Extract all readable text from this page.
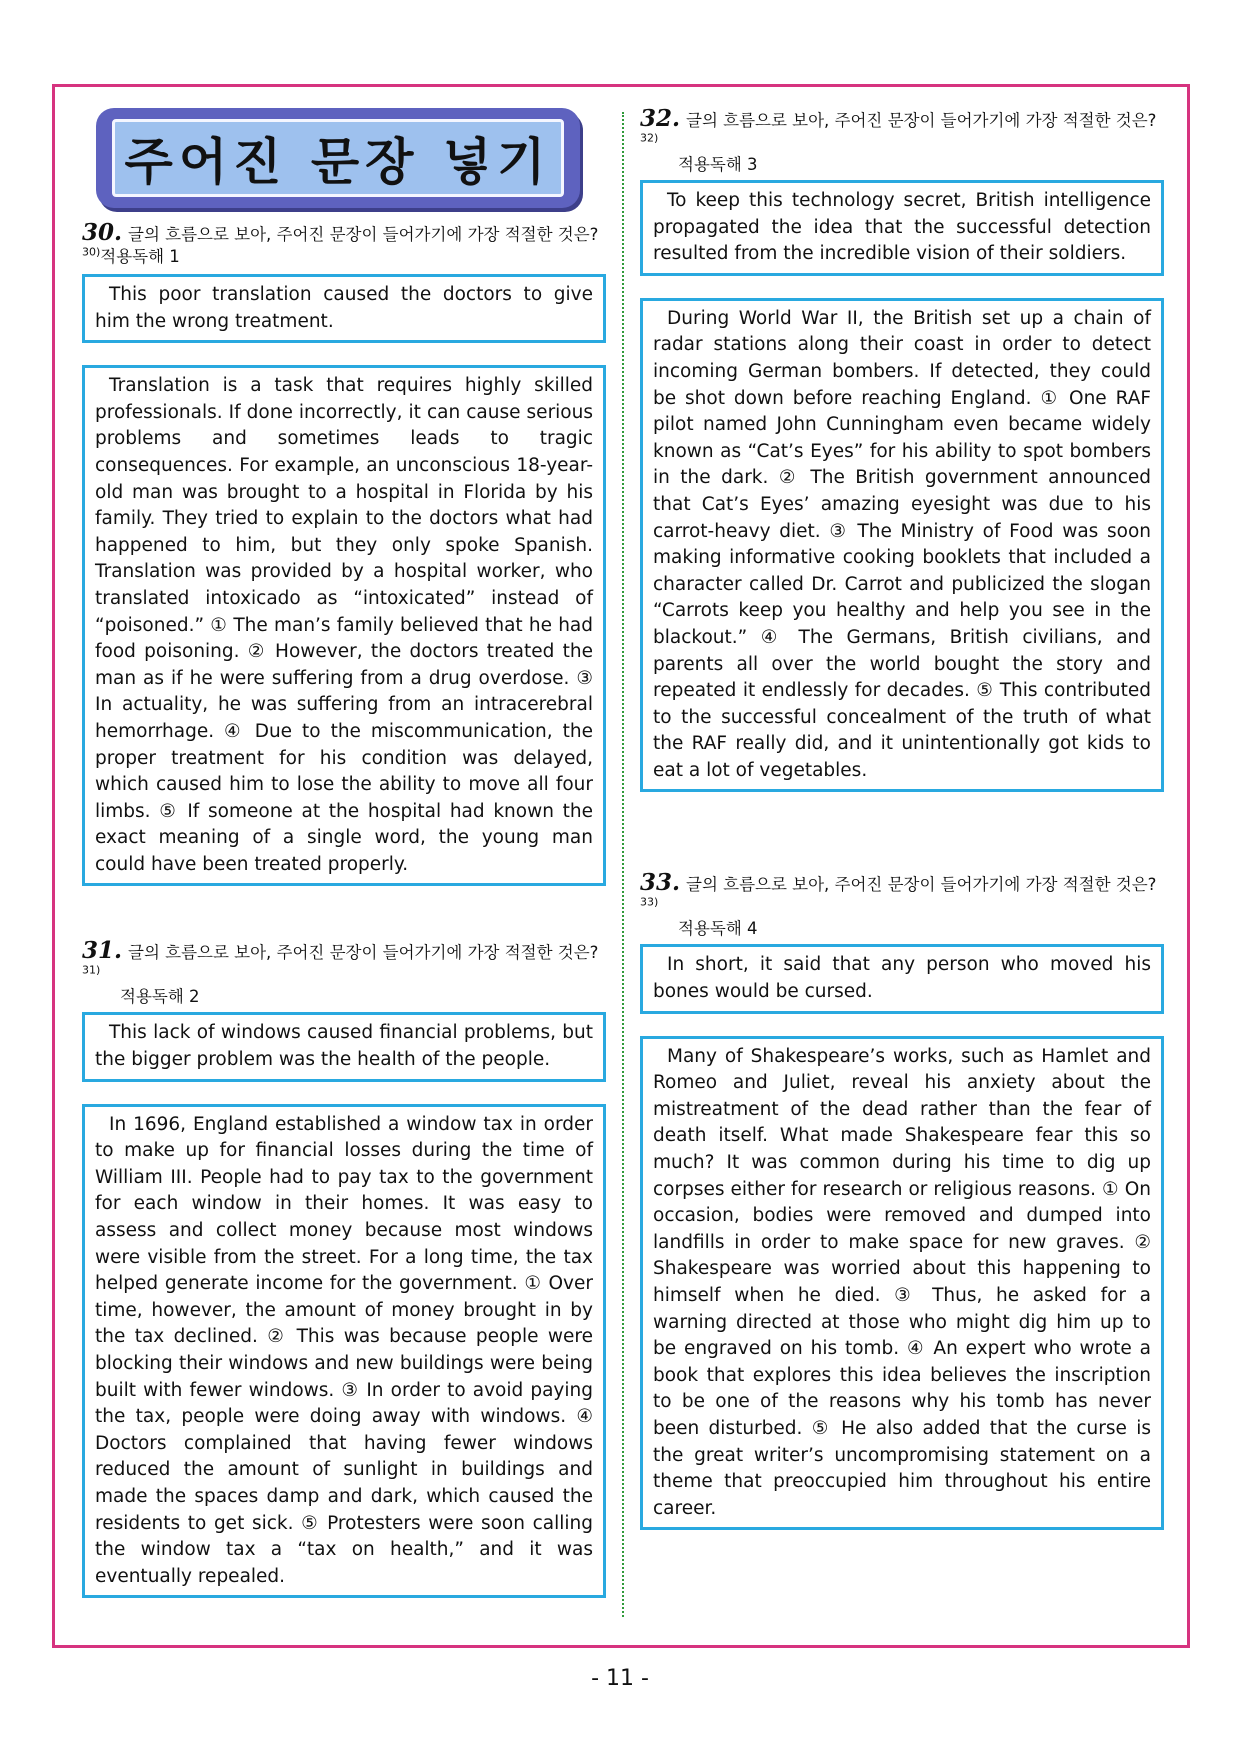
주어진 문장 넣기
30. 글의 흐름으로 보아, 주어진 문장이 들어가기에 가장 적절한 것은?$^{30)}$적용독해 1
This poor translation caused the doctors to give him the wrong treatment.
Translation is a task that requires highly skilled professionals. If done incorrectly, it can cause serious problems and sometimes leads to tragic consequences. For example, an unconscious 18-year-old man was brought to a hospital in Florida by his family. They tried to explain to the doctors what had happened to him, but they only spoke Spanish. Translation was provided by a hospital worker, who translated intoxicado as “intoxicated” instead of “poisoned.” ① The man’s family believed that he had food poisoning. ② However, the doctors treated the man as if he were suffering from a drug overdose. ③ In actuality, he was suffering from an intracerebral hemorrhage. ④ Due to the miscommunication, the proper treatment for his condition was delayed, which caused him to lose the ability to move all four limbs. ⑤ If someone at the hospital had known the exact meaning of a single word, the young man could have been treated properly.
31. 글의 흐름으로 보아, 주어진 문장이 들어가기에 가장 적절한 것은?$^{31)}$
적용독해 2
This lack of windows caused financial problems, but the bigger problem was the health of the people.
In 1696, England established a window tax in order to make up for financial losses during the time of William III. People had to pay tax to the government for each window in their homes. It was easy to assess and collect money because most windows were visible from the street. For a long time, the tax helped generate income for the government. ① Over time, however, the amount of money brought in by the tax declined. ② This was because people were blocking their windows and new buildings were being built with fewer windows. ③ In order to avoid paying the tax, people were doing away with windows. ④ Doctors complained that having fewer windows reduced the amount of sunlight in buildings and made the spaces damp and dark, which caused the residents to get sick. ⑤ Protesters were soon calling the window tax a “tax on health,” and it was eventually repealed.
32. 글의 흐름으로 보아, 주어진 문장이 들어가기에 가장 적절한 것은?$^{32)}$
적용독해 3
To keep this technology secret, British intelligence propagated the idea that the successful detection resulted from the incredible vision of their soldiers.
During World War II, the British set up a chain of radar stations along their coast in order to detect incoming German bombers. If detected, they could be shot down before reaching England. ① One RAF pilot named John Cunningham even became widely known as “Cat’s Eyes” for his ability to spot bombers in the dark. ② The British government announced that Cat’s Eyes’ amazing eyesight was due to his carrot-heavy diet. ③ The Ministry of Food was soon making informative cooking booklets that included a character called Dr. Carrot and publicized the slogan “Carrots keep you healthy and help you see in the blackout.” ④ The Germans, British civilians, and parents all over the world bought the story and repeated it endlessly for decades. ⑤ This contributed to the successful concealment of the truth of what the RAF really did, and it unintentionally got kids to eat a lot of vegetables.
33. 글의 흐름으로 보아, 주어진 문장이 들어가기에 가장 적절한 것은?$^{33)}$
적용독해 4
In short, it said that any person who moved his bones would be cursed.
Many of Shakespeare’s works, such as Hamlet and Romeo and Juliet, reveal his anxiety about the mistreatment of the dead rather than the fear of death itself. What made Shakespeare fear this so much? It was common during his time to dig up corpses either for research or religious reasons. ① On occasion, bodies were removed and dumped into landfills in order to make space for new graves. ② Shakespeare was worried about this happening to himself when he died. ③ Thus, he asked for a warning directed at those who might dig him up to be engraved on his tomb. ④ An expert who wrote a book that explores this idea believes the inscription to be one of the reasons why his tomb has never been disturbed. ⑤ He also added that the curse is the great writer’s uncompromising statement on a theme that preoccupied him throughout his entire career.
- 11 -
